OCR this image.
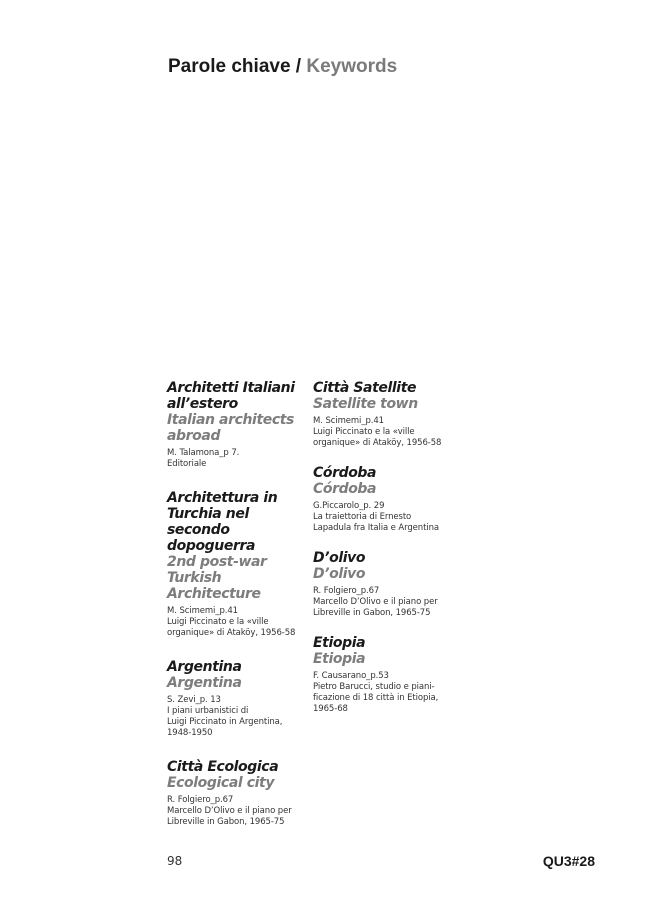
Parole chiave / Keywords
Architetti Italiani
all’estero
Italian architects
abroad
M. Talamona_p 7.
Editoriale
Architettura in
Turchia nel secondo
dopoguerra
2nd post-war
Turkish
Architecture
M. Scimemi_p.41
Luigi Piccinato e la «ville
organique» di Ataköy, 1956-58
Argentina
Argentina
S. Zevi_p. 13
I piani urbanistici di
Luigi Piccinato in Argentina,
1948-1950
Città Ecologica
Ecological city
R. Folgiero_p.67
Marcello D’Olivo e il piano per
Libreville in Gabon, 1965-75
Città Satellite
Satellite town
M. Scimemi_p.41
Luigi Piccinato e la «ville
organique» di Ataköy, 1956-58
Córdoba
Córdoba
G.Piccarolo_p. 29
La traiettoria di Ernesto
Lapadula fra Italia e Argentina
D’olivo
D’olivo
R. Folgiero_p.67
Marcello D’Olivo e il piano per
Libreville in Gabon, 1965-75
Etiopia
Etiopia
F. Causarano_p.53
Pietro Barucci, studio e piani-
ficazione di 18 città in Etiopia,
1965-68
98	QU3#28
